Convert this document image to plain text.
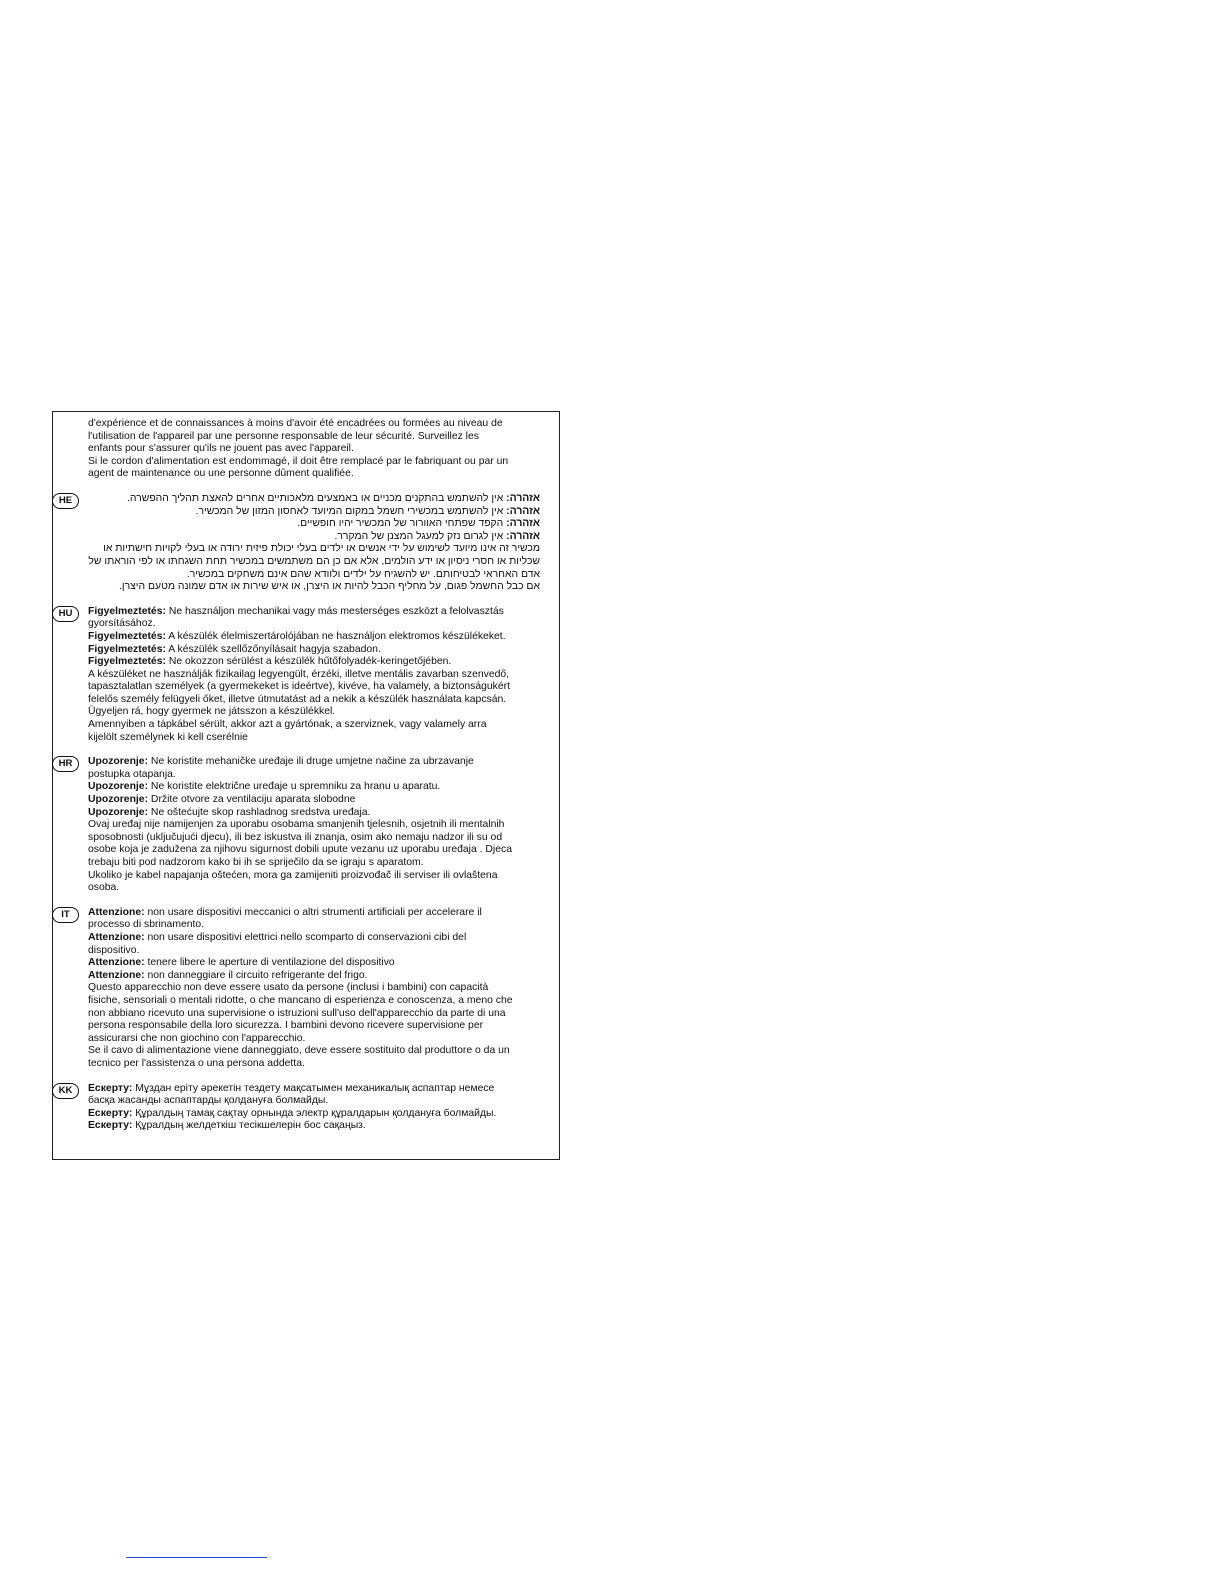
d'expérience et de connaissances à moins d'avoir été encadrées ou formées au niveau de

l'utilisation de l'appareil par une personne responsable de leur sécurité. Surveillez les

enfants pour s'assurer qu'ils ne jouent pas avec l'appareil.

Si le cordon d'alimentation est endommagé, il doit être remplacé par le fabriquant ou par un

agent de maintenance ou une personne dûment qualifiée.

HE	אזהרה: אין להשתמש בהתקנים מכניים או באמצעים מלאכותיים אחרים להאצת תהליך ההפשרה.

אזהרה: אין להשתמש במכשירי חשמל במקום המיועד לאחסון המזון של המכשיר.

אזהרה: הקפד שפתחי האוורור של המכשיר יהיו חופשיים.

אזהרה: אין לגרום נזק למעגל המצנן של המקרר.

מכשיר זה אינו מיועד לשימוש על ידי אנשים או ילדים בעלי יכולת פיזית ירודה או בעלי לקויות חישתיות או

שכליות או חסרי ניסיון או ידע הולמים, אלא אם כן הם משתמשים במכשיר תחת השגחתו או לפי הוראתו של

אדם האחראי לבטיחותם. יש להשגיח על ילדים ולוודא שהם אינם משחקים במכשיר.

אם כבל החשמל פגום, על מחליף הכבל להיות או היצרן, או איש שירות או אדם שמונה מטעם היצרן.

HU	Figyelmeztetés: Ne használjon mechanikai vagy más mesterséges eszközt a felolvasztás

gyorsításához.

Figyelmeztetés: A készülék élelmiszertárolójában ne használjon elektromos készülékeket.

Figyelmeztetés: A készülék szellőzőnyílásait hagyja szabadon.

Figyelmeztetés: Ne okozzon sérülést a készülék hűtőfolyadék-keringetőjében.

A készüléket ne használják fizikailag legyengült, érzéki, illetve mentális zavarban szenvedő,

tapasztalatlan személyek (a gyermekeket is ideértve), kivéve, ha valamely, a biztonságukért

felelős személy felügyeli őket, illetve útmutatást ad a nekik a készülék használata kapcsán.

Ügyeljen rá, hogy gyermek ne játsszon a készülékkel.

Amennyiben a tápkábel sérült, akkor azt a gyártónak, a szerviznek, vagy valamely arra

kijelölt személynek ki kell cserélnie

HR	Upozorenje: Ne koristite mehaničke uređaje ili druge umjetne načine za ubrzavanje

postupka otapanja.

Upozorenje: Ne koristite električne uređaje u spremniku za hranu u aparatu.

Upozorenje: Držite otvore za ventilaciju aparata slobodne

Upozorenje: Ne oštećujte skop rashladnog sredstva uređaja.

Ovaj uređaj nije namijenjen za uporabu osobama smanjenih tjelesnih, osjetnih ili mentalnih

sposobnosti (uključujući djecu), ili bez iskustva ili znanja, osim ako nemaju nadzor ili su od

osobe koja je zadužena za njihovu sigurnost dobili upute vezanu uz uporabu uređaja . Djeca

trebaju biti pod nadzorom kako bi ih se spriječilo da se igraju s aparatom.

Ukoliko je kabel napajanja oštećen, mora ga zamijeniti proizvođač ili serviser ili ovlaštena

osoba.

IT	Attenzione: non usare dispositivi meccanici o altri strumenti artificiali per accelerare il

processo di sbrinamento.

Attenzione: non usare dispositivi elettrici nello scomparto di conservazioni cibi del

dispositivo.

Attenzione: tenere libere le aperture di ventilazione del dispositivo

Attenzione: non danneggiare il circuito refrigerante del frigo.

Questo apparecchio non deve essere usato da persone (inclusi i bambini) con capacità

fisiche, sensoriali o mentali ridotte, o che mancano di esperienza e conoscenza, a meno che

non abbiano ricevuto una supervisione o istruzioni sull'uso dell'apparecchio da parte di una

persona responsabile della loro sicurezza. I bambini devono ricevere supervisione per

assicurarsi che non giochino con l'apparecchio.

Se il cavo di alimentazione viene danneggiato, deve essere sostituito dal produttore o da un

tecnico per l'assistenza o una persona addetta.

KK	Ескерту: Мұздан еріту әрекетін тездету мақсатымен механикалық аспаптар немесе

басқа жасанды аспаптарды қолдануға болмайды.

Ескерту: Құралдың тамақ сақтау орнында электр құралдарын қолдануға болмайды.

Ескерту: Құралдың желдеткіш тесікшелерін бос сақаңыз.
